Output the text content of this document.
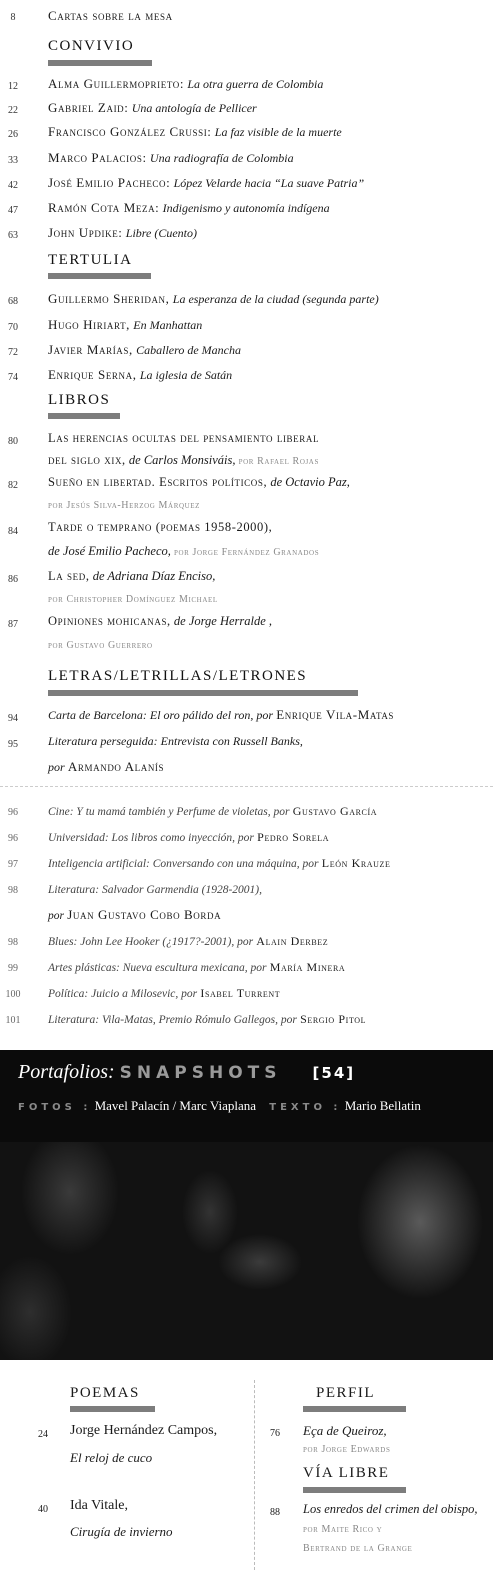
8	Cartas sobre la mesa
CONVIVIO
12	Alma Guillermoprieto: La otra guerra de Colombia
22	Gabriel Zaid: Una antología de Pellicer
26	Francisco González Crussi: La faz visible de la muerte
33	Marco Palacios: Una radiografía de Colombia
42	José Emilio Pacheco: López Velarde hacia “La suave Patria”
47	Ramón Cota Meza: Indigenismo y autonomía indígena
63	John Updike: Libre (Cuento)
TERTULIA
68	Guillermo Sheridan, La esperanza de la ciudad (segunda parte)
70	Hugo Hiriart, En Manhattan
72	Javier Marías, Caballero de Mancha
74	Enrique Serna, La iglesia de Satán
LIBROS
80	Las herencias ocultas del pensamiento liberal
del siglo xix, de Carlos Monsiváis, por Rafael Rojas
82	Sueño en libertad. Escritos políticos, de Octavio Paz,
por Jesús Silva-Herzog Márquez
84	Tarde o temprano (poemas 1958-2000),
de José Emilio Pacheco, por Jorge Fernández Granados
86	La sed, de Adriana Díaz Enciso,
por Christopher Domínguez Michael
87	Opiniones mohicanas, de Jorge Herralde ,
por Gustavo Guerrero
LETRAS/LETRILLAS/LETRONES
94	Carta de Barcelona: El oro pálido del ron, por Enrique Vila-Matas
95	Literatura perseguida: Entrevista con Russell Banks,
por Armando Alanís
96	Cine: Y tu mamá también y Perfume de violetas, por Gustavo García
96	Universidad: Los libros como inyección, por Pedro Sorela
97	Inteligencia artificial: Conversando con una máquina, por León Krauze
98	Literatura: Salvador Garmendia (1928-2001),
por Juan Gustavo Cobo Borda
98	Blues: John Lee Hooker (¿1917?-2001), por Alain Derbez
99	Artes plásticas: Nueva escultura mexicana, por María Minera
100	Política: Juicio a Milosevic, por Isabel Turrent
101	Literatura: Vila-Matas, Premio Rómulo Gallegos, por Sergio Pitol
Portafolios: SNAPSHOTS [54]
FOTOS : Mavel Palacín / Marc Viaplana TEXTO : Mario Bellatin
POEMAS
24 Jorge Hernández Campos,
El reloj de cuco
40 Ida Vitale,
Cirugía de invierno
PERFIL
76 Eça de Queiroz,
por Jorge Edwards
VÍA LIBRE
88 Los enredos del crimen del obispo,
por Maite Rico y
Bertrand de la Grange
